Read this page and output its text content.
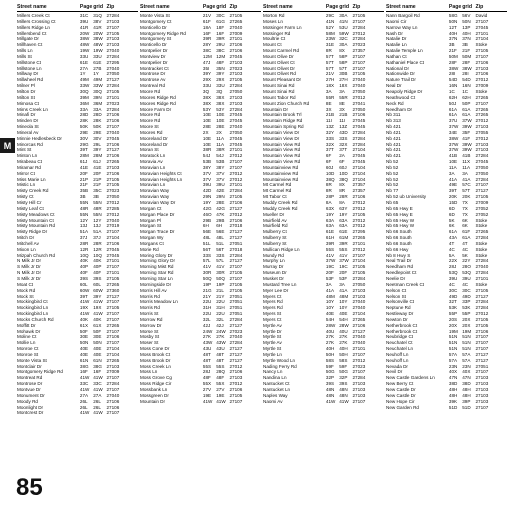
M
Street name	Page grid Zip
Millers Creek Ct	31C	31Q	27284
Millers Crossing Ct	39U	38V	27103
Millers Ridge Ln	41R	41R	27107
Millersbend Ct	20W 20W 27105
Millgate Dr	38W 38W 27103
Millhaven Ct	48W 48W 27103
Mills Ln	19W 19W 27040
Mills St	33U	33U	27284
Millstone Ct	61E	61E	27295
Millstone Ln	27A	27B	27040
Millway Dr	1Y	1Y	27050
Millwheel Rd	49M 49M 27127
Milner Pl	33W 33W 27284
Milton Dr	30Q	30Q	27105
Milton St	39M 39N	27101
Mimosa Ct	36M 36M 27023
Mims Creek Ln	33A	33A	27284
Minafi Dr	28D	28D	27106
Minden Dr	28K	28K	27106
Mineola St	50K	50K	27107
Mineral Av	29E	29E	27040
Minnie Hedlesbeck Dr	30V	30V	27045
Minorcas Rd	29G	29L	27106
Mint St	39T	39Y	27127
Minton Ln	28M 28M 27106
Mirabeau Ct	61J	61J	27265
Miramar Rd	41E	41E	27103
Mirror Ct	20F	20F	27106
Miss Marie Ln	21P	21P	27105
Mistic Ln	21F	21F	27105
Misty Creek Rd	35B	35C	27023
Misty Ct	3B	3B	27050
Misty Hill Cr	55N	55N	27012
Misty Leaf Ct	48R	48R	27285
Misty Meadows Ct	55N	55N	27012
Misty Mountain Ct	12Y	12Y	27040
Misty Mountain Rd	13J	13J	27019
Misty Ridge Dr	51A	51A	27107
Mitch Dr	37J	37J	27104
Mitchell Av	28R	28R	27106
Mixon Ln	12R	12R	27045
Mizpah Church Rd	10Q	10Q	27045
N Milk Jr Dr	40K	40K	27101
S Milk Jr Dr	40P	40P	27107
N Milk Jr Dr	40F	40F	27101
S Milk Jr Dr	39S	39S	27105
Moat Ct	60L	60L	27265
Mock Rd	60W 60W 27360
Mock St	39T	39Y	27127
Mockingbird Ct	41W 41W 27107
Mockingbird Ln	19X	19X	27105
Mockingbird Ln	41W 41W 27107
Mocks Church Rd	40K	40K	27107
Moffitt Dr	61X	61X	27265
Mohawk Dr	50F	50F	27107
Moline Ct	30E	30E	27106
Mollie Ln	50N	50N	27107
Monroe Ct	40E	40E	27104
Monroe St	40E	40E	27104
Monte Vista St	61N	61N	27265
Montclair Dr	38G	38G	27103
Montgomery Ridge Rd	16F	16F	27009
Montreat Rd	41W 41W 27107
Montrose Dr	33C	33C	27284
Montvue Dr	41W 41W 27107
Monument Dr	27A	27A	27040
Moody Rd	26L	26L	27106
Moonlight Dr	26L	26L	27106
Montcrest Dr	41W 41W 27107
Street name	Page grid Zip
Monte Vista St	21V	30C	27105
Montgomery Ct	61F	61G	27265
Monticello Dr	18A	18F	27040
Montgomery Ridge Rd	16F	16F	27009
Montgomery St	39R	39R	27101
Monticello Dr	28Y	29U	27106
Montpelier Dr	38C	38C	27106
Montview Dr	12M 12M 27045
Montpelier Dr	47J	48F	27103
Montracket Ct	35I	35N	27023
Montrose Dr	39Y	39Y	27103
Montrose Av	29X	29X	27105
Montreal Rd	33U	33U	27284
Moore Rd	3Q	3Q	27050
Moores Ridge Rd	38X	38X	27103
Moores Ridge Rd	38X	38X	27103
Moore Farm Dr	53Y	53Y	27284
Moore Rd	10E	10E	27045
Moore Rd	10E	10E	27045
Moore St	28E	28E	27040
Moores Rd	2X	2X	27050
Mooreland Dr	10E	11A	27045
Mooreland Dr	10E	11A	27045
Moran St	38R	38R	27101
Moratock Ln	54J	54J	27012
Moravia Av	53B	53B	27107
Moravian Ln	38Y	38Y	27107
Moravian Heights Ct	37V	37V	27012
Moravian Heights Ln	37V	37V	27012
Moravian Ln	39U	39U	27101
Moravian Way	42D	42E	27284
Moravian Way	29N	29N	27105
Moravian Way Dr	19Y	28E	27106
Morgan Ct	42G	42G	27127
Morgan Place Dr	46O	47K	27012
Morgan Pl	29B	29B	27106
Morgan St	6H	6H	27018
Morgan Trace Dr	56E	56E	27127
Morgan Wy	48L	48L	27127
Morgans Ct	51L	51L	27051
Morie Rd	56T	56T	27018
Moring Glory Dr	33S	33S	27284
Morning Glory Dr	57L	57L	27127
Morning Mist Rd	41V	41V	27107
Morning Star Rd	30R	30R	27105
Morning Star Ln	50Q	50Q	27107
Morningside Dr	19P	19P	27105
Morris Hill Av	21G	21L	27105
Morris Rd	21Y	21Y	27051
Morris Meadow Ln	22U	22U	27051
Morris Rd	31H	31H	27051
Morris St	22U	22U	27051
Morrow Rd	32L	32L	27284
Morrow Dr	42J	42J	27127
Morse St	24W 24W 27023
Mosby St	27K	27K	27040
Moser St	43W 43W 27284
Moss Cone Dr	43U	43U	27127
Moss Brook Ct	48T	48T	27127
Moss Brook Dr	48T	48T	27127
Moss Creek Ln	55S	55S	27012
Moss Ln	28J	28Q	27106
Moss Grove Cg	48F	48F	27103
Moss Ridge Cir	55X	55X	27012
Mossbank Ln	27V	27V	27106
Mossgreen Dr	19E	19E	27105
Mountain Dr	41W 41W 27107
Street name	Page grid Zip
Morton Rd	29C	30A	27105
Moses Ln	41N	41N	27107
Motsinger Farm Ln	52Y	53U	27284
Motsinger Rd	58M 59W 27012
Moultrie Ct	23W 32C	27284
Mount Ct	31E	30A	27023
Mount Carmel Rd	8R	8X	27357
Mount Olive Dr	57T	58P	27107
Mount Olivet Ct	57T	58P	27107
Mount Olivet Dr	57T	57T	27107
Mount Olivet Rd	21V	30B	27105
Mount Pleasant Dr	27H	27H	27040
Mount Sinai Rd	18X	18X	27040
Mount Sinai Rd	3A	3A	27050
Mount Tabor Rd	55R	55R	27012
Mount Zion Church Rd	8E	8E	27041
Mountain Dr	3X	3X	27050
Mountain Brook Trl	21B	21B	27106
Mountain Ridge Rd	11I	11I	27045
Mountain Spring Rd	13Z	13Z	27045
Mountain View Dr	32Y	43D	27284
Mountain View Dr	33S	33S	27284
Mountain View Rd	32X	32X	27284
Mountain View Rd	37T	37T	27104
Mountain View Rd	6F	2A	27045
Mountain View Rd	6F	6F	27045
Mountainview Rd	60J	60J	27104
Mountainview Rd	10D	10D	27104
Mountainview Rd	38Q	38Q	27104
Mt Carmel Rd	8R	8X	27357
Mt Carmel Rd	8R	8R	27357
Mt Tabor Ct	28P	28R	27106
Muddy Creek Rd	8A	8A	27012
Muddy Creek Rd	63X	63Y	27012
Mueller Dr	19Y	19Y	27105
Muirfield Av	63A	63A	27012
Muirfield Rd	63A	63A	27012
Mulberry Ct	61E	61E	27295
Mulberry St	61H	61M 27265
Mulberry St	39R	39R	27101
Mullican Ridge Ln	55S	55S	27012
Mundy Rd	41V	41V	27107
Murphy Ln	37W 37W 27104
Murray Dr	19C	19C	27105
Museum Dr	20F	20F	27105
Musket Dr	53F	53F	27284
Mustard Tree Ln	3A	3A	27050
Myer Lee Dr	41A	41A	27103
Myers Ct	48M 48M 27103
Myers Rd	10Y	10Y	27040
Myers Rd	10Y	10Y	27040
Myers St	40E	40E	27104
Myers Ct	54H	54H	27265
Myrtle Av	28W 28W 27106
Myrtle Dr	40U	40U	27127
Myrtle St	27K	27K	27040
Myrtle Av	27K	27K	27040
Myrtle St	40H	40H	27101
Myrtle Ln	50H	50H	27107
Myrtle Wood Ln	58S	58S	27012
Nading Ferry Rd	59F	59F	27023
Nancy Ln	50G	50G	27107
Nandina Ln	32P	32P	27284
Nantucket Ct	39S	39S	27103
Nantucket Ln	48N	48N	27103
Naples Way	48N	48N	27103
Naomi Av	41W 41W 27107
Street name	Page grid Zip
Nann Bargoil Rd	58G	56V	David
Naomi Cir	50N	50N	27107
Narrow Way Ln	12T	13P	27045
Nash Dr	40H	40H	27101
Natalie Dr	37N	37N	27104
Natalie Ln	3B	3B	Stoke
Natalie Temple Ln	21F	21F	27105
Nathan Ct	50M 50M 27107
Nathaniel Place Ct	28F	28F	27106
National Dr	38W 38W 27103
Nationwide Dr	28I	28I	27106
Nature Trail Dr	54D	54D	27012
Neal Dr	16N	16N	27009
Neapoly Ridge Dr	1C	1C	Stoke
Neathwood Ct	62H	62H	27265
Neck Rd	50J	50P	27107
Needham Dr	61A	61A	27265
Nb 311	61A	61A	27265
Nb 313	37U	37W 27012
Nb 421	37W 39W 27103
Nb 421	34E	35F	27055
Nb 421	38W 41F	27012
Nb 421	37W 39W 27103
Nb 421	37W 39W 27103
Nb 421	41B	41B	27284
Nb 52	10E	11X	27045
Nb 52	11A	11A	27050
Nb 52	3A	3A	27050
Nb 52	41A	41A	27284
Nb 52	49E	57C	27107
Nb 77	39T	57T	27127
Nb 52 ub University	20K	20K	27105
Nb 65	15D	7X	27009
Nb 65 Hwy E	6D	7X	27052
Nb 65 Hwy E	6D	7X	27052
Nb 65 Hwy W	5K	6K	Stoke
Nb 65 Hwy W	6K	6K	Stoke
Nb 66 South	61A	61F	27265
Nb 66 South	43A	61A	27284
Nb 66 South	4T	4T	Stoke
Nb 66 Hwy	4C	4C	Stoke
Nb 8 Hwy S	5A	5K	Stoke
Neal Trail Dr	22X	22Y	27284
Needham Rd	28J	28O	27040
Needlepoint Ct	53Q	53Q	27284
Neelie Dr	39U	39U	27101
Neetman Creek Ct	4C	4C	Stoke
Nelson Ct	30C	30C	27105
Nelson St	49D	49D	27127
Nelsonville Ct	32T	33P	27284
Neptune Rd	53K	53K	27284
Nestleway Dr	55P	55P	27012
Newton Dr	20S	20X	27105
Netherbrook Ct	20X	20X	27105
Netherbrook Ct	19M 19M 27106
Neubridge Ct	51N	51N	27107
Neuchatel Ct	51N	51N	27107
Neuchatel Ln	51N	51N	27107
Neuhoff Ln	57A	57A	27127
Neuhoff Ln	57A	57A	27127
Nevada Dr	23N	23N	27051
Nevil Dr	40X	40X	27107
New Castle Gardens Ln	47N	47N	27103
New Berry Ct	38D	38D	27103
New Castle Dr	48H	48H	27103
New Castle Dr	48H	48H	27103
New Hope Cir	39K	39P	27103
New Garden Rd	51D	51D	27107
85
